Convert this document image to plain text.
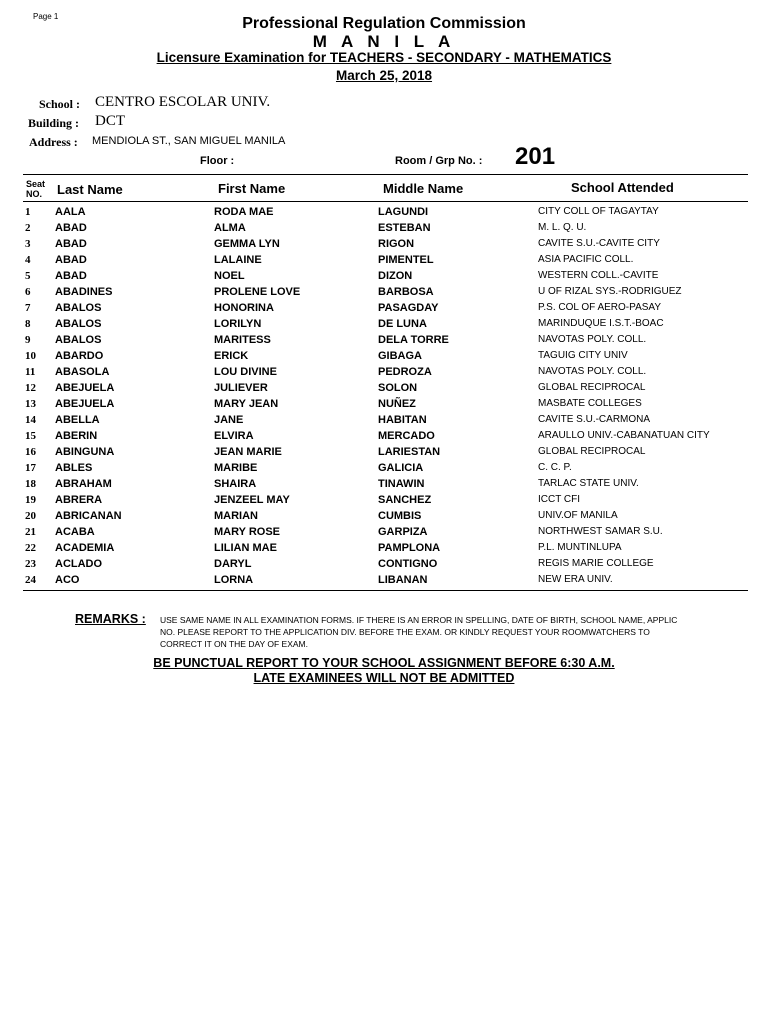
Page 1	Professional Regulation Commission
M A N I L A
Licensure Examination for TEACHERS - SECONDARY - MATHEMATICS
March 25, 2018
School : CENTRO ESCOLAR UNIV.
Building : DCT
Address : MENDIOLA ST., SAN MIGUEL MANILA
Floor :	Room / Grp No. : 201
Seat
NO. Last Name	First Name	Middle Name	School Attended
1 AALA	RODA MAE	LAGUNDI	CITY COLL OF TAGAYTAY
2 ABAD	ALMA	ESTEBAN	M. L. Q. U.
3 ABAD	GEMMA LYN	RIGON	CAVITE S.U.-CAVITE CITY
4 ABAD	LALAINE	PIMENTEL	ASIA PACIFIC COLL.
5 ABAD	NOEL	DIZON	WESTERN COLL.-CAVITE
6 ABADINES	PROLENE LOVE	BARBOSA	U OF RIZAL SYS.-RODRIGUEZ
7 ABALOS	HONORINA	PASAGDAY	P.S. COL OF AERO-PASAY
8 ABALOS	LORILYN	DE LUNA	MARINDUQUE I.S.T.-BOAC
9 ABALOS	MARITESS	DELA TORRE	NAVOTAS POLY. COLL.
10 ABARDO	ERICK	GIBAGA	TAGUIG CITY UNIV
11 ABASOLA	LOU DIVINE	PEDROZA	NAVOTAS POLY. COLL.
12 ABEJUELA	JULIEVER	SOLON	GLOBAL RECIPROCAL
13 ABEJUELA	MARY JEAN	NUÑEZ	MASBATE COLLEGES
14 ABELLA	JANE	HABITAN	CAVITE S.U.-CARMONA
15 ABERIN	ELVIRA	MERCADO	ARAULLO UNIV.-CABANATUAN CITY
16 ABINGUNA	JEAN MARIE	LARIESTAN	GLOBAL RECIPROCAL
17 ABLES	MARIBE	GALICIA	C. C. P.
18 ABRAHAM	SHAIRA	TINAWIN	TARLAC STATE UNIV.
19 ABRERA	JENZEEL MAY	SANCHEZ	ICCT CFI
20 ABRICANAN	MARIAN	CUMBIS	UNIV.OF MANILA
21 ACABA	MARY ROSE	GARPIZA	NORTHWEST SAMAR S.U.
22 ACADEMIA	LILIAN MAE	PAMPLONA	P.L. MUNTINLUPA
23 ACLADO	DARYL	CONTIGNO	REGIS MARIE COLLEGE
24 ACO	LORNA	LIBANAN	NEW ERA UNIV.
REMARKS : USE SAME NAME IN ALL EXAMINATION FORMS. IF THERE IS AN ERROR IN SPELLING, DATE OF BIRTH, SCHOOL NAME, APPLIC NO. PLEASE REPORT TO THE APPLICATION DIV. BEFORE THE EXAM. OR KINDLY REQUEST YOUR ROOMWATCHERS TO CORRECT IT ON THE DAY OF EXAM.
BE PUNCTUAL REPORT TO YOUR SCHOOL ASSIGNMENT BEFORE 6:30 A.M.
LATE EXAMINEES WILL NOT BE ADMITTED
